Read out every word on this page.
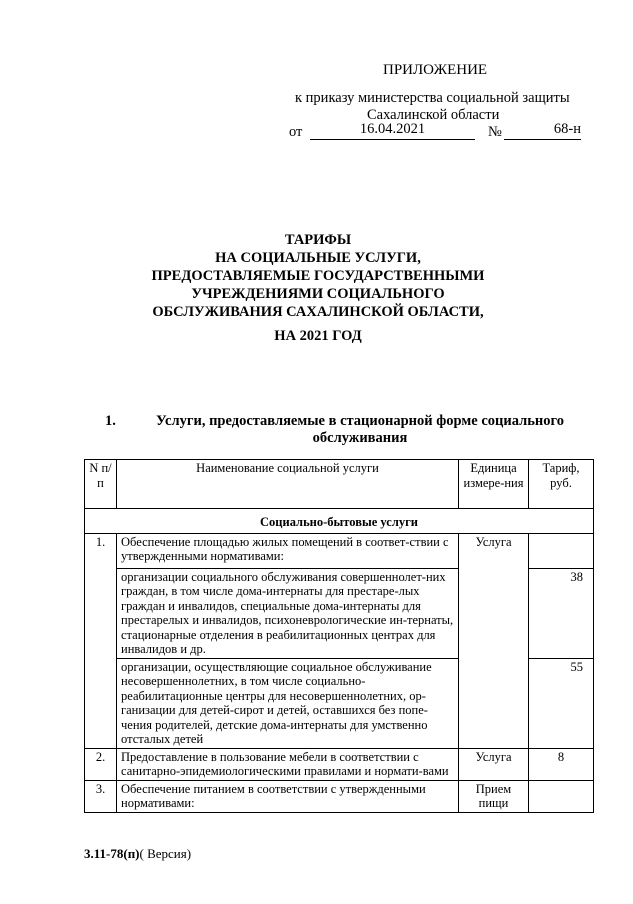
ПРИЛОЖЕНИЕ
к приказу министерства социальной защиты
Сахалинской области
от	16.04.2021	№	68-н
ТАРИФЫ
НА СОЦИАЛЬНЫЕ УСЛУГИ,
ПРЕДОСТАВЛЯЕМЫЕ ГОСУДАРСТВЕННЫМИ
УЧРЕЖДЕНИЯМИ СОЦИАЛЬНОГО
ОБСЛУЖИВАНИЯ САХАЛИНСКОЙ ОБЛАСТИ,
НА 2021 ГОД
1.	Услуги, предоставляемые в стационарной форме социального
обслуживания
N п/п	Наименование социальной услуги	Единица измере-ния	Тариф, руб.
Социально-бытовые услуги			
1.	Обеспечение площадью жилых помещений в соответ-ствии с утвержденными нормативами:	Услуга	
	организации социального обслуживания совершеннолет-них граждан, в том числе дома-интернаты для престаре-лых граждан и инвалидов, специальные дома-интернаты для престарелых и инвалидов, психоневрологические ин-тернаты, стационарные отделения в реабилитационных центрах для инвалидов и др.		38
	организации, осуществляющие социальное обслуживание несовершеннолетних, в том числе социально-реабилитационные центры для несовершеннолетних, ор-ганизации для детей-сирот и детей, оставшихся без попе-чения родителей, детские дома-интернаты для умственно отсталых детей		55
2.	Предоставление в пользование мебели в соответствии с санитарно-эпидемиологическими правилами и нормати-вами	Услуга	8
3.	Обеспечение питанием в соответствии с утвержденными нормативами:	Прием пищи	
3.11-78(п)( Версия)
